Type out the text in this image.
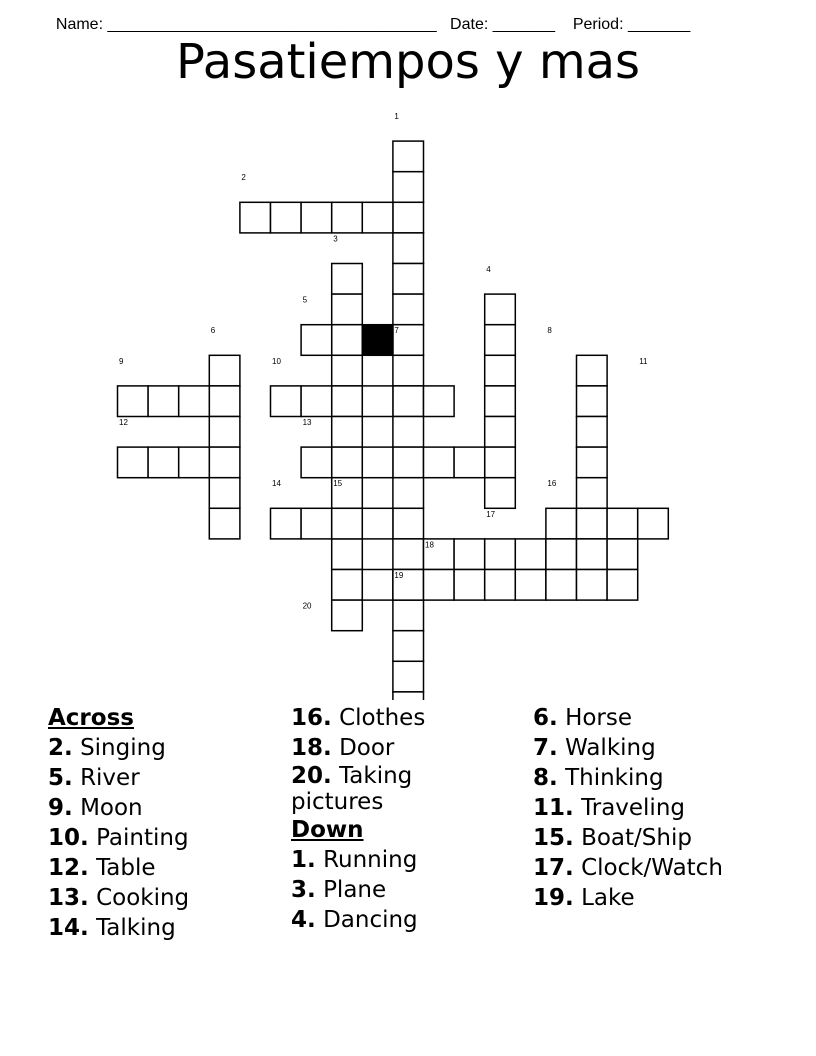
Name: _____________________________________ Date: _______ Period: _______

Pasatiempos y mas
1
2
3
4
5
6	7	8
9	10	11
12	13
14	15	16
17
18
19
20
Across
2. Singing
5. River
9. Moon
10. Painting
12. Table
13. Cooking
14. Talking
16. Clothes
18. Door
20. Taking pictures
Down
1. Running
3. Plane
4. Dancing
6. Horse
7. Walking
8. Thinking
11. Traveling
15. Boat/Ship
17. Clock/Watch
19. Lake
